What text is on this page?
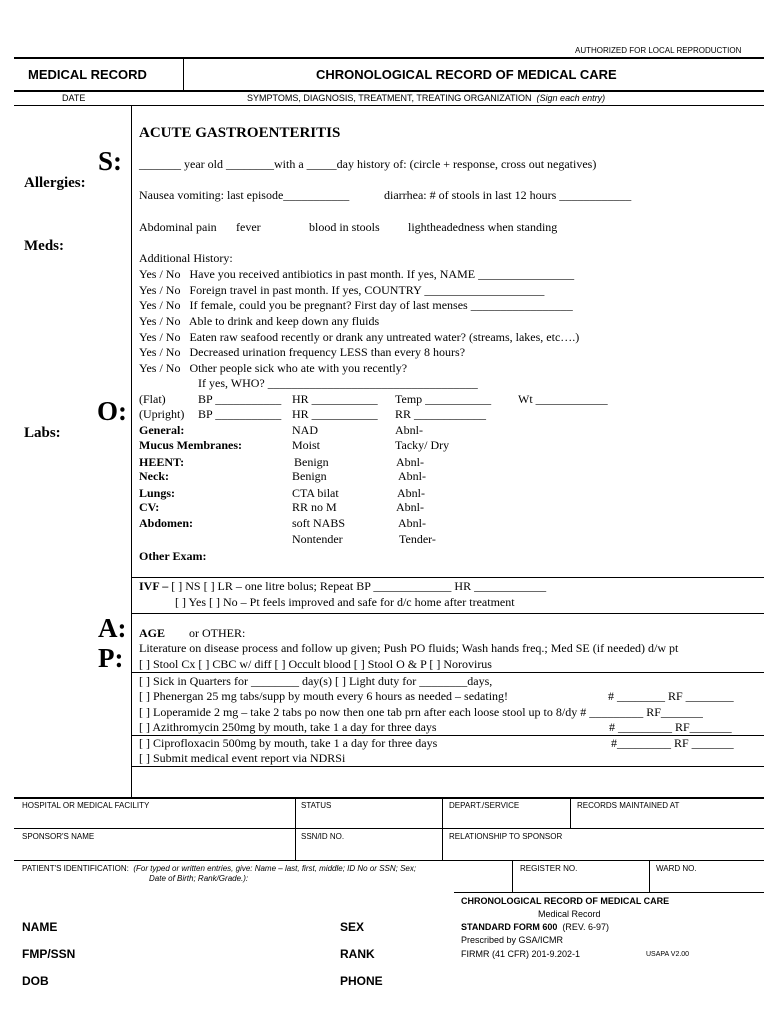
AUTHORIZED FOR LOCAL REPRODUCTION
MEDICAL RECORD	CHRONOLOGICAL RECORD OF MEDICAL CARE
DATE	SYMPTOMS, DIAGNOSIS, TREATMENT, TREATING ORGANIZATION (Sign each entry)
S:
Allergies:
Meds:
O:
Labs:
A:
P:
ACUTE GASTROENTERITIS
_______ year old ________with a _____day history of: (circle + response, cross out negatives)
Nausea vomiting: last episode___________	diarrhea: # of stools in last 12 hours ____________
Abdominal pain fever	blood in stools lightheadedness when standing
Additional History:
Yes / No Have you received antibiotics in past month. If yes, NAME ________________
Yes / No Foreign travel in past month. If yes, COUNTRY ____________________
Yes / No If female, could you be pregnant? First day of last menses _________________
Yes / No Able to drink and keep down any fluids
Yes / No Eaten raw seafood recently or drank any untreated water? (streams, lakes, etc….)
Yes / No Decreased urination frequency LESS than every 8 hours?
Yes / No Other people sick who ate with you recently?
If yes, WHO? ___________________________________
(Flat)	BP ___________ HR ___________ Temp ___________ Wt ____________
(Upright) BP ___________ HR ___________ RR ____________
General:	NAD	Abnl-
Mucus Membranes:	Moist	Tacky/ Dry
HEENT:	Benign	Abnl-
Neck:	Benign	Abnl-
Lungs:	CTA bilat	Abnl-
CV:	RR no M	Abnl-
Abdomen:	soft NABS	Abnl-
Nontender	Tender-
Other Exam:
IVF – [ ] NS [ ] LR – one litre bolus; Repeat BP _____________ HR ____________
[ ] Yes [ ] No – Pt feels improved and safe for d/c home after treatment
AGE or OTHER:
Literature on disease process and follow up given; Push PO fluids; Wash hands freq.; Med SE (if needed) d/w pt
[ ] Stool Cx [ ] CBC w/ diff [ ] Occult blood [ ] Stool O & P [ ] Norovirus
[ ] Sick in Quarters for ________ day(s) [ ] Light duty for ________days,
[ ] Phenergan 25 mg tabs/supp by mouth every 6 hours as needed – sedating!	# ________ RF ________
[ ] Loperamide 2 mg – take 2 tabs po now then one tab prn after each loose stool up to 8/dy # _________ RF_______
[ ] Azithromycin 250mg by mouth, take 1 a day for three days	# _________ RF_______
[ ] Ciprofloxacin 500mg by mouth, take 1 a day for three days	#_________ RF _______
[ ] Submit medical event report via NDRSi
HOSPITAL OR MEDICAL FACILITY	STATUS	DEPART./SERVICE	RECORDS MAINTAINED AT
SPONSOR'S NAME	SSN/ID NO.	RELATIONSHIP TO SPONSOR
PATIENT'S IDENTIFICATION: (For typed or written entries, give: Name – last, first, middle; ID No or SSN; Sex;
Date of Birth; Rank/Grade.):
REGISTER NO.	WARD NO.
CHRONOLOGICAL RECORD OF MEDICAL CARE
Medical Record
STANDARD FORM 600 (REV. 6-97)
Prescribed by GSA/ICMR
FIRMR (41 CFR) 201-9.202-1	USAPA V2.00
NAME	SEX
FMP/SSN	RANK
DOB	PHONE
